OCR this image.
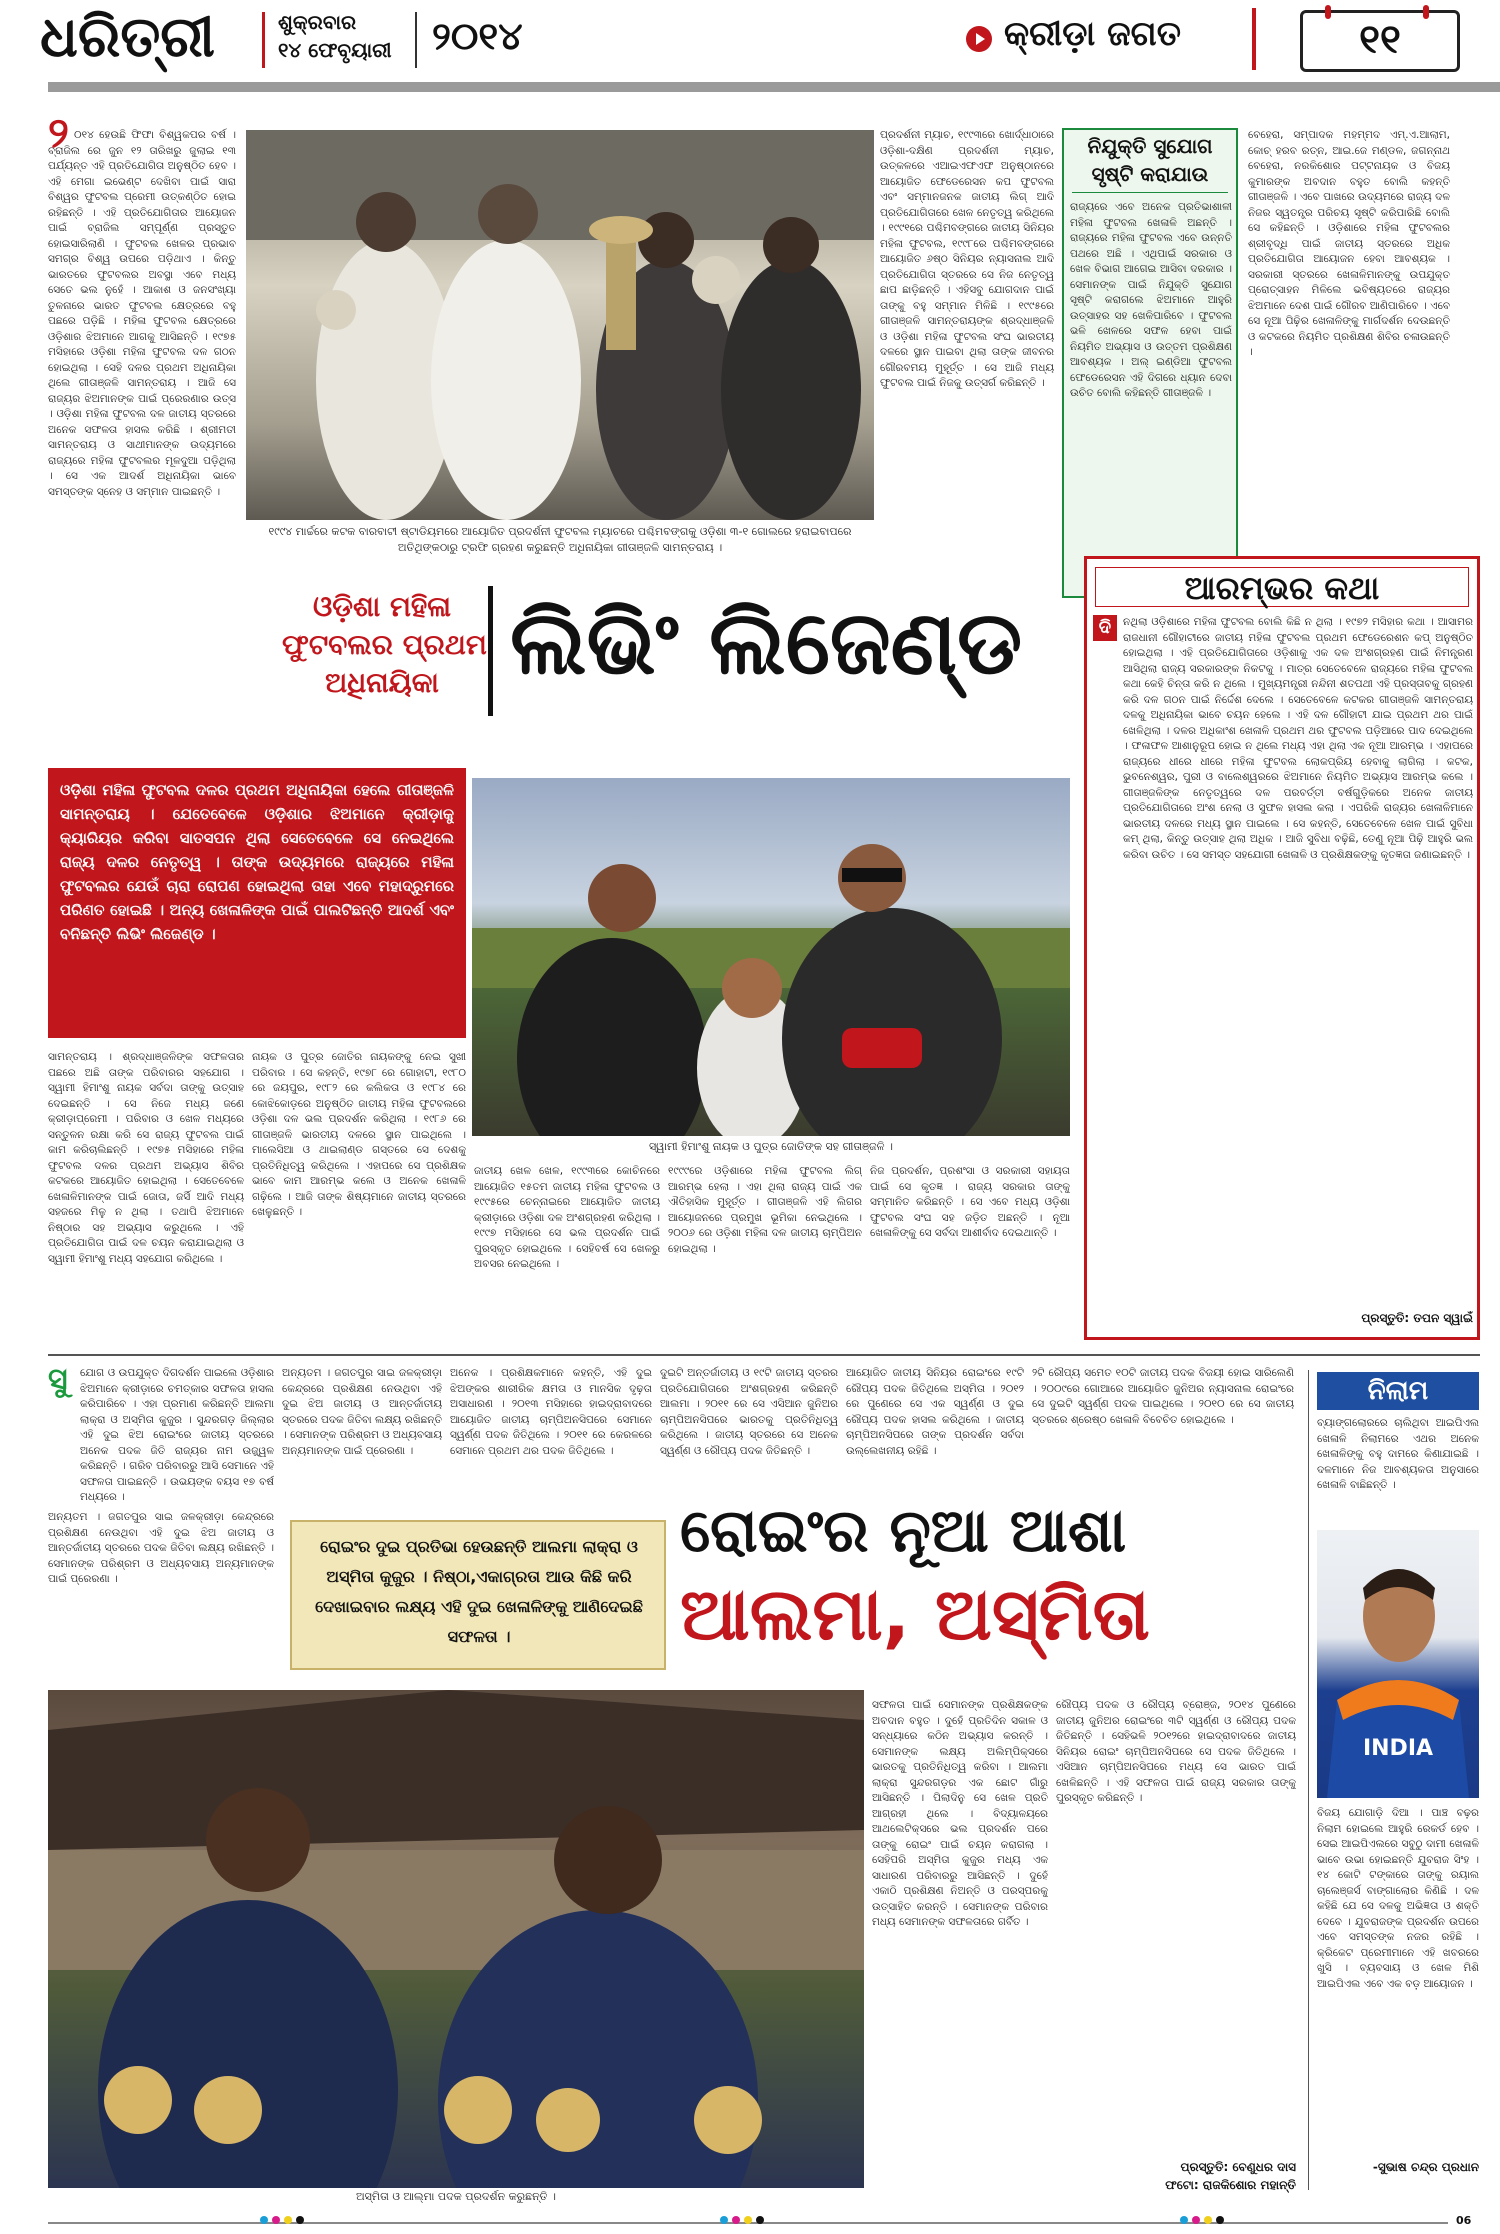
ଧରିତ୍ରୀ	ଶୁକ୍ରବାର
୧୪ ଫେବୃୟାରୀ ୨୦୧୪	କ୍ରୀଡ଼ା ଜଗତ	୧୧
୨ ୦୧୪ ହେଉଛି ଫିଫା ବିଶ୍ୱକପର ବର୍ଷ । ବ୍ରାଜିଲ ରେ ଜୁନ ୧୨ ତାରିଖରୁ ଜୁଲାଇ ୧୩ ପର୍ଯ୍ୟନ୍ତ ଏହି ପ୍ରତିଯୋଗିତା ଅନୁଷ୍ଠିତ ହେବ । ଏହି ମେଗା ଇଭେଣ୍ଟ ଦେଖିବା ପାଇଁ ସାରା ବିଶ୍ୱର ଫୁଟବଲ ପ୍ରେମୀ ଉତ୍କଣ୍ଠିତ ହୋଇ ରହିଛନ୍ତି । ଏହି ପ୍ରତିଯୋଗିତାର ଆୟୋଜନ ପାଇଁ ବ୍ରାଜିଲ ସମ୍ପୂର୍ଣ୍ଣ ପ୍ରସ୍ତୁତ ହୋଇସାରିଲାଣି । ଫୁଟବଲ ଖେଳର ପ୍ରଭାବ ସମଗ୍ର ବିଶ୍ୱ ଉପରେ ପଡ଼ିଥାଏ । କିନ୍ତୁ ଭାରତରେ ଫୁଟବଲର ଅବସ୍ଥା ଏବେ ମଧ୍ୟ ସେତେ ଭଲ ନୁହେଁ । ଆକାଶ ଓ ଜନସଂଖ୍ୟା ତୁଳନାରେ ଭାରତ ଫୁଟବଲ କ୍ଷେତ୍ରରେ ବହୁ ପଛରେ ପଡ଼ିଛି । ମହିଳା ଫୁଟବଲ କ୍ଷେତ୍ରରେ ଓଡ଼ିଶାର ଝିଅମାନେ ଆଗକୁ ଆସିଛନ୍ତି । ୧୯୭୫ ମସିହାରେ ଓଡ଼ିଶା ମହିଳା ଫୁଟବଲ ଦଳ ଗଠନ ହୋଇଥିଲା । ସେହି ଦଳର ପ୍ରଥମ ଅଧିନାୟିକା ଥିଲେ ଗୀତାଞ୍ଜଳି ସାମନ୍ତରାୟ । ଆଜି ସେ ରାଜ୍ୟର ଝିଅମାନଙ୍କ ପାଇଁ ପ୍ରେରଣାର ଉତ୍ସ । ଓଡ଼ିଶା ମହିଳା ଫୁଟବଲ ଦଳ ଜାତୀୟ ସ୍ତରରେ ଅନେକ ସଫଳତା ହାସଲ କରିଛି । ଶ୍ରୀମତୀ ସାମନ୍ତରାୟ ଓ ସାଥୀମାନଙ୍କ ଉଦ୍ୟମରେ ରାଜ୍ୟରେ ମହିଳା ଫୁଟବଲର ମୂଳଦୁଆ ପଡ଼ିଥିଲା । ସେ ଏକ ଆଦର୍ଶ ଅଧିନାୟିକା ଭାବେ ସମସ୍ତଙ୍କ ସ୍ନେହ ଓ ସମ୍ମାନ ପାଇଛନ୍ତି ।
୧୯୯୪ ମାର୍ଚ୍ଚରେ କଟକ ବାରବାଟୀ ଷ୍ଟାଡିୟମରେ ଆୟୋଜିତ ପ୍ରଦର୍ଶନୀ ଫୁଟବଲ ମ୍ୟାଚରେ ପଶ୍ଚିମବଙ୍ଗକୁ ଓଡ଼ିଶା ୩-୧ ଗୋଲରେ ହରାଇବାପରେ ଅତିଥିଙ୍କଠାରୁ ଟ୍ରଫି ଗ୍ରହଣ କରୁଛନ୍ତି ଅଧିନାୟିକା ଗୀତାଞ୍ଜଳି ସାମନ୍ତରାୟ ।
ପ୍ରଦର୍ଶନୀ ମ୍ୟାଚ, ୧୯୯୩ରେ ଖୋର୍ଦ୍ଧାଠାରେ ଓଡ଼ିଶା-ଦକ୍ଷିଣ ପ୍ରଦର୍ଶନୀ ମ୍ୟାଚ, ଉତ୍କଳରେ ଏଆଇଏଫଏଫ ଅନୁଷ୍ଠାନରେ ଆୟୋଜିତ ଫେଡେରେସନ କପ ଫୁଟବଲ ଏବଂ ସମ୍ମାନଜନକ ଜାତୀୟ ଲିଗ୍ ଆଦି ପ୍ରତିଯୋଗିତାରେ ଖେଳ ନେତୃତ୍ୱ କରିଥିଲେ । ୧୯୯୧ରେ ପଶ୍ଚିମବଙ୍ଗରେ ଜାତୀୟ ସିନିୟର ମହିଳା ଫୁଟବଲ, ୧୯୯୮ରେ ପଶ୍ଚିମବଙ୍ଗରେ ଆୟୋଜିତ ୬ଷ୍ଠ ସିନିୟର ନ୍ୟାସନାଲ ଆଦି ପ୍ରତିଯୋଗିତା ସ୍ତରରେ ସେ ନିଜ ନେତୃତ୍ୱ ଛାପ ଛାଡ଼ିଛନ୍ତି । ଏହିସବୁ ଯୋଗଦାନ ପାଇଁ ତାଙ୍କୁ ବହୁ ସମ୍ମାନ ମିଳିଛି । ୧୯୯୫ରେ ଗୀତାଞ୍ଜଳି ସାମନ୍ତରାୟଙ୍କ ଶ୍ରଦ୍ଧାଞ୍ଜଳି ଓ ଓଡ଼ିଶା ମହିଳା ଫୁଟବଲ ସଂଘ ଭାରତୀୟ ଦଳରେ ସ୍ଥାନ ପାଇବା ଥିଲା ତାଙ୍କ ଜୀବନର ଗୌରବମୟ ମୁହୂର୍ତ୍ତ । ସେ ଆଜି ମଧ୍ୟ ଫୁଟବଲ ପାଇଁ ନିଜକୁ ଉତ୍ସର୍ଗ କରିଛନ୍ତି ।
ନିଯୁକ୍ତି ସୁଯୋଗ
ସୃଷ୍ଟି କରାଯାଉ
ରାଜ୍ୟରେ ଏବେ ଅନେକ ପ୍ରତିଭାଶାଳୀ ମହିଳା ଫୁଟବଲ ଖେଳାଳି ଅଛନ୍ତି । ରାଜ୍ୟରେ ମହିଳା ଫୁଟବଲ ଏବେ ଉନ୍ନତି ପଥରେ ଅଛି । ଏଥିପାଇଁ ସରକାର ଓ ଖେଳ ବିଭାଗ ଆଗେଇ ଆସିବା ଦରକାର । ସେମାନଙ୍କ ପାଇଁ ନିଯୁକ୍ତି ସୁଯୋଗ ସୃଷ୍ଟି କରାଗଲେ ଝିଅମାନେ ଆହୁରି ଉତ୍ସାହର ସହ ଖେଳିପାରିବେ । ଫୁଟବଲ ଭଳି ଖେଳରେ ସଫଳ ହେବା ପାଇଁ ନିୟମିତ ଅଭ୍ୟାସ ଓ ଉତ୍ତମ ପ୍ରଶିକ୍ଷଣ ଆବଶ୍ୟକ । ଅଲ୍ ଇଣ୍ଡିଆ ଫୁଟବଲ ଫେଡେରେସନ ଏହି ଦିଗରେ ଧ୍ୟାନ ଦେବା ଉଚିତ ବୋଲି କହିଛନ୍ତି ଗୀତାଞ୍ଜଳି ।
ବେହେରା, ସମ୍ପାଦକ ମହମ୍ମଦ ଏମ୍.ଏ.ଆଲାମ, କୋଚ୍ ହରବ ରତ୍ନ, ଆଇ.ଜେ ମଣ୍ଡଳ, ଜଗନ୍ନାଥ ବେହେରା, ନରକିଶୋର ପଟ୍ଟନାୟକ ଓ ବିଜୟ କୁମାରଙ୍କ ଅବଦାନ ବହୁତ ବୋଲି କହନ୍ତି ଗୀତାଞ୍ଜଳି । ଏବେ ପାଖରେ ଉଦ୍ୟମରେ ରାଜ୍ୟ ଦଳ ନିଜର ସ୍ୱତନ୍ତ୍ର ପରିଚୟ ସୃଷ୍ଟି କରିପାରିଛି ବୋଲି ସେ କହିଛନ୍ତି । ଓଡ଼ିଶାରେ ମହିଳା ଫୁଟବଲର ଶ୍ରୀବୃଦ୍ଧି ପାଇଁ ଜାତୀୟ ସ୍ତରରେ ଅଧିକ ପ୍ରତିଯୋଗିତା ଆୟୋଜନ ହେବା ଆବଶ୍ୟକ । ସରକାରୀ ସ୍ତରରେ ଖେଳାଳିମାନଙ୍କୁ ଉପଯୁକ୍ତ ପ୍ରୋତ୍ସାହନ ମିଳିଲେ ଭବିଷ୍ୟତରେ ରାଜ୍ୟର ଝିଅମାନେ ଦେଶ ପାଇଁ ଗୌରବ ଆଣିପାରିବେ । ଏବେ ସେ ନୂଆ ପିଢ଼ିର ଖେଳାଳିଙ୍କୁ ମାର୍ଗଦର୍ଶନ ଦେଉଛନ୍ତି ଓ କଟକରେ ନିୟମିତ ପ୍ରଶିକ୍ଷଣ ଶିବିର ଚଳାଉଛନ୍ତି ।
ଓଡ଼ିଶା ମହିଳା
ଫୁଟବଲର ପ୍ରଥମ
ଅଧିନାୟିକା ଲିଭିଂ ଲିଜେଣ୍ଡ
ଆରମ୍ଭର କଥା
ଦି	ନଥିଲା ଓଡ଼ିଶାରେ ମହିଳା ଫୁଟବଲ ବୋଲି କିଛି ନ ଥିଲା । ୧୯୭୨ ମସିହାର କଥା । ଆସାମର ରାଜଧାନୀ ଗୌହାଟୀରେ ଜାତୀୟ ମହିଳା ଫୁଟବଲ ପ୍ରଥମ ଫେଡେରେଶନ କପ୍ ଅନୁଷ୍ଠିତ ହୋଇଥିଲା । ଏହି ପ୍ରତିଯୋଗିତାରେ ଓଡ଼ିଶାକୁ ଏକ ଦଳ ଅଂଶଗ୍ରହଣ ପାଇଁ ନିମନ୍ତ୍ରଣ ଆସିଥିଲା ରାଜ୍ୟ ସରକାରଙ୍କ ନିକଟକୁ । ମାତ୍ର ସେତେବେଳେ ରାଜ୍ୟରେ ମହିଳା ଫୁଟବଲ କଥା କେହି ଚିନ୍ତା କରି ନ ଥିଲେ । ମୁଖ୍ୟମନ୍ତ୍ରୀ ନନ୍ଦିନୀ ଶତପଥୀ ଏହି ପ୍ରସ୍ତାବକୁ ଗ୍ରହଣ କରି ଦଳ ଗଠନ ପାଇଁ ନିର୍ଦ୍ଦେଶ ଦେଲେ । ସେତେବେଳେ କଟକର ଗୀତାଞ୍ଜଳି ସାମନ୍ତରାୟ ଦଳକୁ ଅଧିନାୟିକା ଭାବେ ଚୟନ ହେଲେ । ଏହି ଦଳ ଗୌହାଟୀ ଯାଇ ପ୍ରଥମ ଥର ପାଇଁ ଖେଳିଥିଲା । ଦଳର ଅଧିକାଂଶ ଖେଳାଳି ପ୍ରଥମ ଥର ଫୁଟବଲ ପଡ଼ିଆରେ ପାଦ ଦେଇଥିଲେ । ଫଳାଫଳ ଆଶାନୁରୂପ ହୋଇ ନ ଥିଲେ ମଧ୍ୟ ଏହା ଥିଲା ଏକ ନୂଆ ଆରମ୍ଭ । ଏହାପରେ ରାଜ୍ୟରେ ଧୀରେ ଧୀରେ ମହିଳା ଫୁଟବଲ ଲୋକପ୍ରିୟ ହେବାକୁ ଲାଗିଲା । କଟକ, ଭୁବନେଶ୍ୱର, ପୁରୀ ଓ ବାଲେଶ୍ୱରରେ ଝିଅମାନେ ନିୟମିତ ଅଭ୍ୟାସ ଆରମ୍ଭ କଲେ । ଗୀତାଞ୍ଜଳିଙ୍କ ନେତୃତ୍ୱରେ ଦଳ ପରବର୍ତ୍ତୀ ବର୍ଷଗୁଡ଼ିକରେ ଅନେକ ଜାତୀୟ ପ୍ରତିଯୋଗିତାରେ ଅଂଶ ନେଲା ଓ ସୁଫଳ ହାସଲ କଲା । ଏପରିକି ରାଜ୍ୟର ଖେଳାଳିମାନେ ଭାରତୀୟ ଦଳରେ ମଧ୍ୟ ସ୍ଥାନ ପାଇଲେ । ସେ କହନ୍ତି, ସେତେବେଳେ ଖେଳ ପାଇଁ ସୁବିଧା କମ୍ ଥିଲା, କିନ୍ତୁ ଉତ୍ସାହ ଥିଲା ଅଧିକ । ଆଜି ସୁବିଧା ବଢ଼ିଛି, ତେଣୁ ନୂଆ ପିଢ଼ି ଆହୁରି ଭଲ କରିବା ଉଚିତ । ସେ ସମସ୍ତ ସହଯୋଗୀ ଖେଳାଳି ଓ ପ୍ରଶିକ୍ଷକଙ୍କୁ କୃତଜ୍ଞତା ଜଣାଇଛନ୍ତି ।
ପ୍ରସ୍ତୁତି: ତପନ ସ୍ୱାଇଁ
ଓଡ଼ିଶା ମହିଳା ଫୁଟବଲ ଦଳର ପ୍ରଥମ ଅଧିନାୟିକା ହେଲେ ଗୀତାଞ୍ଜଳି ସାମନ୍ତରାୟ । ଯେତେବେଳେ ଓଡ଼ିଶାର ଝିଅମାନେ କ୍ରୀଡ଼ାକୁ କ୍ୟାରିୟର କରିବା ସାତସପନ ଥିଲା ସେତେବେଳେ ସେ ନେଇଥିଲେ ରାଜ୍ୟ ଦଳର ନେତୃତ୍ୱ । ତାଙ୍କ ଉଦ୍ୟମରେ ରାଜ୍ୟରେ ମହିଳା ଫୁଟବଲର ଯେଉଁ ଚାରା ରୋପଣ ହୋଇଥିଲା ତାହା ଏବେ ମହାଦ୍ରୁମରେ ପରିଣତ ହୋଇଛି । ଅନ୍ୟ ଖେଳାଳିଙ୍କ ପାଇଁ ପାଲଟିଛନ୍ତି ଆଦର୍ଶ ଏବଂ ବନିଛନ୍ତି ଲିଭିଂ ଲିଜେଣ୍ଡ ।
ସ୍ୱାମୀ ହିମାଂଶୁ ନାୟକ ଓ ପୁତ୍ର ଜୋତିଙ୍କ ସହ ଗୀତାଞ୍ଜଳି ।
ସାମନ୍ତରାୟ । ଶ୍ରଦ୍ଧାଞ୍ଜଳିଙ୍କ ସଫଳତାର ପଛରେ ଅଛି ତାଙ୍କ ପରିବାରର ସହଯୋଗ । ସ୍ୱାମୀ ହିମାଂଶୁ ନାୟକ ସର୍ବଦା ତାଙ୍କୁ ଉତ୍ସାହ ଦେଇଛନ୍ତି । ସେ ନିଜେ ମଧ୍ୟ ଜଣେ କ୍ରୀଡ଼ାପ୍ରେମୀ । ପରିବାର ଓ ଖେଳ ମଧ୍ୟରେ ସନ୍ତୁଳନ ରକ୍ଷା କରି ସେ ରାଜ୍ୟ ଫୁଟବଲ ପାଇଁ କାମ କରିଚାଲିଛନ୍ତି । ୧୯୭୫ ମସିହାରେ ମହିଳା ଫୁଟବଲ ଦଳର ପ୍ରଥମ ଅଭ୍ୟାସ ଶିବିର କଟକରେ ଆୟୋଜିତ ହୋଇଥିଲା । ସେତେବେଳେ ଖେଳାଳିମାନଙ୍କ ପାଇଁ ଜୋତା, ଜର୍ସି ଆଦି ମଧ୍ୟ ସହଜରେ ମିଳୁ ନ ଥିଲା । ତଥାପି ଝିଅମାନେ ନିଷ୍ଠାର ସହ ଅଭ୍ୟାସ କରୁଥିଲେ । ଏହି ପ୍ରତିଯୋଗିତା ପାଇଁ ଦଳ ଚୟନ କରାଯାଇଥିଲା ଓ ସ୍ୱାମୀ ହିମାଂଶୁ ମଧ୍ୟ ସହଯୋଗ କରିଥିଲେ ।
ନାୟକ ଓ ପୁତ୍ର ଜୋତିର ନାୟକଙ୍କୁ ନେଇ ସୁଖୀ ପରିବାର । ସେ କହନ୍ତି, ୧୯୭୮ ରେ ଗୋହାଟୀ, ୧୯୮୦ ରେ ଜୟପୁର, ୧୯୮୨ ରେ କଲିକତା ଓ ୧୯୮୪ ରେ କୋଝିକୋଡ଼ରେ ଅନୁଷ୍ଠିତ ଜାତୀୟ ମହିଳା ଫୁଟବଲରେ ଓଡ଼ିଶା ଦଳ ଭଲ ପ୍ରଦର୍ଶନ କରିଥିଲା । ୧୯୮୬ ରେ ଗୀତାଞ୍ଜଳି ଭାରତୀୟ ଦଳରେ ସ୍ଥାନ ପାଇଥିଲେ । ମାଲେସିଆ ଓ ଥାଇଲାଣ୍ଡ ଗସ୍ତରେ ସେ ଦେଶକୁ ପ୍ରତିନିଧିତ୍ୱ କରିଥିଲେ । ଏହାପରେ ସେ ପ୍ରଶିକ୍ଷକ ଭାବେ କାମ ଆରମ୍ଭ କଲେ ଓ ଅନେକ ଖେଳାଳି ଗଢ଼ିଲେ । ଆଜି ତାଙ୍କ ଶିଷ୍ୟମାନେ ଜାତୀୟ ସ୍ତରରେ ଖେଳୁଛନ୍ତି ।
ଜାତୀୟ ଖେଳ ଖେଳ, ୧୯୯୩ରେ କୋଚିନରେ ଆୟୋଜିତ ୧୫ତମ ଜାତୀୟ ମହିଳା ଫୁଟବଲ ଓ ୧୯୯୫ରେ ଚେନ୍ନାଇରେ ଆୟୋଜିତ ଜାତୀୟ କ୍ରୀଡ଼ାରେ ଓଡ଼ିଶା ଦଳ ଅଂଶଗ୍ରହଣ କରିଥିଲା । ୧୯୯୭ ମସିହାରେ ସେ ଭଲ ପ୍ରଦର୍ଶନ ପାଇଁ ପୁରସ୍କୃତ ହୋଇଥିଲେ । ସେହିବର୍ଷ ସେ ଖେଳରୁ ଅବସର ନେଇଥିଲେ ।
୧୯୯୯ରେ ଓଡ଼ିଶାରେ ମହିଳା ଫୁଟବଲ ଲିଗ୍ ଆରମ୍ଭ ହେଲା । ଏହା ଥିଲା ରାଜ୍ୟ ପାଇଁ ଏକ ଐତିହାସିକ ମୁହୂର୍ତ୍ତ । ଗୀତାଞ୍ଜଳି ଏହି ଲିଗର ଆୟୋଜନରେ ପ୍ରମୁଖ ଭୂମିକା ନେଇଥିଲେ । ୨୦୦୬ ରେ ଓଡ଼ିଶା ମହିଳା ଦଳ ଜାତୀୟ ଚାମ୍ପିଅନ ହୋଇଥିଲା ।
ନିଜ ପ୍ରଦର୍ଶନ, ପ୍ରଶଂସା ଓ ସରକାରୀ ସହାୟତା ପାଇଁ ସେ କୃତଜ୍ଞ । ରାଜ୍ୟ ସରକାର ତାଙ୍କୁ ସମ୍ମାନିତ କରିଛନ୍ତି । ସେ ଏବେ ମଧ୍ୟ ଓଡ଼ିଶା ଫୁଟବଲ ସଂଘ ସହ ଜଡ଼ିତ ଅଛନ୍ତି । ନୂଆ ଖେଳାଳିଙ୍କୁ ସେ ସର୍ବଦା ଆଶୀର୍ବାଦ ଦେଇଥାନ୍ତି ।
ସୁ ଯୋଗ ଓ ଉପଯୁକ୍ତ ଦିଗଦର୍ଶନ ପାଇଲେ ଓଡ଼ିଶାର ଝିଅମାନେ କ୍ରୀଡ଼ାରେ ଚମତ୍କାର ସଫଳତା ହାସଲ କରିପାରିବେ । ଏହା ପ୍ରମାଣ କରିଛନ୍ତି ଆଲମା ଲାକ୍ରା ଓ ଅସ୍ମିତା କୁଜୁର । ସୁନ୍ଦରଗଡ଼ ଜିଲ୍ଲାର ଏହି ଦୁଇ ଝିଅ ରୋଇଂରେ ଜାତୀୟ ସ୍ତରରେ ଅନେକ ପଦକ ଜିତି ରାଜ୍ୟର ନାମ ଉଜ୍ଜ୍ୱଳ କରିଛନ୍ତି । ଗରିବ ପରିବାରରୁ ଆସି ସେମାନେ ଏହି ସଫଳତା ପାଇଛନ୍ତି । ଉଭୟଙ୍କ ବୟସ ୧୭ ବର୍ଷ ମଧ୍ୟରେ ।
ଅନ୍ୟତମ । ଜଗତପୁର ସାଇ ଜଳକ୍ରୀଡ଼ା କେନ୍ଦ୍ରରେ ପ୍ରଶିକ୍ଷଣ ନେଉଥିବା ଏହି ଦୁଇ ଝିଅ ଜାତୀୟ ଓ ଆନ୍ତର୍ଜାତୀୟ ସ୍ତରରେ ପଦକ ଜିତିବା ଲକ୍ଷ୍ୟ ରଖିଛନ୍ତି । ସେମାନଙ୍କ ପରିଶ୍ରମ ଓ ଅଧ୍ୟବସାୟ ଅନ୍ୟମାନଙ୍କ ପାଇଁ ପ୍ରେରଣା ।
ଅନ୍ୟତମ । ଜଗତପୁର ସାଇ ଜଳକ୍ରୀଡ଼ା କେନ୍ଦ୍ରରେ ପ୍ରଶିକ୍ଷଣ ନେଉଥିବା ଏହି ଦୁଇ ଝିଅ ଜାତୀୟ ଓ ଆନ୍ତର୍ଜାତୀୟ ସ୍ତରରେ ପଦକ ଜିତିବା ଲକ୍ଷ୍ୟ ରଖିଛନ୍ତି । ସେମାନଙ୍କ ପରିଶ୍ରମ ଓ ଅଧ୍ୟବସାୟ ଅନ୍ୟମାନଙ୍କ ପାଇଁ ପ୍ରେରଣା ।
ଅନେକ । ପ୍ରଶିକ୍ଷକମାନେ କହନ୍ତି, ଏହି ଦୁଇ ଝିଅଙ୍କର ଶାରୀରିକ କ୍ଷମତା ଓ ମାନସିକ ଦୃଢ଼ତା ଅସାଧାରଣ । ୨୦୧୩ ମସିହାରେ ହାଇଦ୍ରାବାଦରେ ଆୟୋଜିତ ଜାତୀୟ ଚାମ୍ପିଅନସିପରେ ସେମାନେ ସ୍ୱର୍ଣ୍ଣ ପଦକ ଜିତିଥିଲେ । ୨୦୧୧ ରେ କେରଳରେ ସେମାନେ ପ୍ରଥମ ଥର ପଦକ ଜିତିଥିଲେ ।
ଦୁଇଟି ଅନ୍ତର୍ଜାତୀୟ ଓ ୧୯ଟି ଜାତୀୟ ସ୍ତରର ପ୍ରତିଯୋଗିତାରେ ଅଂଶଗ୍ରହଣ କରିଛନ୍ତି ଆଲମା । ୨୦୧୧ ରେ ସେ ଏସିଆନ ଜୁନିଅର ଚାମ୍ପିଅନସିପରେ ଭାରତକୁ ପ୍ରତିନିଧିତ୍ୱ କରିଥିଲେ । ଜାତୀୟ ସ୍ତରରେ ସେ ଅନେକ ସ୍ୱର୍ଣ୍ଣ ଓ ରୌପ୍ୟ ପଦକ ଜିତିଛନ୍ତି ।
ଆୟୋଜିତ ଜାତୀୟ ସିନିୟର ରୋଇଂରେ ୧୯ଟି ରୌପ୍ୟ ପଦକ ଜିତିଥିଲେ ଅସ୍ମିତା । ୨୦୧୨ ରେ ପୁଣେରେ ସେ ଏକ ସ୍ୱର୍ଣ୍ଣ ଓ ଦୁଇ ରୌପ୍ୟ ପଦକ ହାସଲ କରିଥିଲେ । ଜାତୀୟ ଚାମ୍ପିଅନସିପରେ ତାଙ୍କ ପ୍ରଦର୍ଶନ ସର୍ବଦା ଉଲ୍ଲେଖନୀୟ ରହିଛି ।
୨ଟି ରୌପ୍ୟ ସମେତ ୧୦ଟି ଜାତୀୟ ପଦକ ବିଜୟୀ ହୋଇ ସାରିଲେଣି । ୨୦୦୯ରେ ଗୋଆରେ ଆୟୋଜିତ ଜୁନିଅର ନ୍ୟାସନାଲ ରୋଇଂରେ ସେ ଦୁଇଟି ସ୍ୱର୍ଣ୍ଣ ପଦକ ପାଇଥିଲେ । ୨୦୧୦ ରେ ସେ ଜାତୀୟ ସ୍ତରରେ ଶ୍ରେଷ୍ଠ ଖେଳାଳି ବିବେଚିତ ହୋଇଥିଲେ ।
ରୋଇଂର ଦୁଇ ପ୍ରତିଭା ହେଉଛନ୍ତି ଆଲମା ଲାକ୍ରା ଓ ଅସ୍ମିତା କୁଜୁର । ନିଷ୍ଠା,ଏକାଗ୍ରତା ଆଉ କିଛି କରି ଦେଖାଇବାର ଲକ୍ଷ୍ୟ ଏହି ଦୁଇ ଖେଳାଳିଙ୍କୁ ଆଣିଦେଇଛି ସଫଳତା ।
ରୋଇଂର ନୂଆ ଆଶା
ଆଲମା, ଅସ୍ମିତା
ଅସ୍ମିତା ଓ ଆଲ୍ମା ପଦକ ପ୍ରଦର୍ଶନ କରୁଛନ୍ତି ।
ସଫଳତା ପାଇଁ ସେମାନଙ୍କ ପ୍ରଶିକ୍ଷକଙ୍କ ଅବଦାନ ବହୁତ । ଦୁହେଁ ପ୍ରତିଦିନ ସକାଳ ଓ ସନ୍ଧ୍ୟାରେ କଠିନ ଅଭ୍ୟାସ କରନ୍ତି । ସେମାନଙ୍କ ଲକ୍ଷ୍ୟ ଅଲିମ୍ପିକ୍ସରେ ଭାରତକୁ ପ୍ରତିନିଧିତ୍ୱ କରିବା । ଆଲମା ଲାକ୍ରା ସୁନ୍ଦରଗଡ଼ର ଏକ ଛୋଟ ଗାଁରୁ ଆସିଛନ୍ତି । ପିଲାଦିନୁ ସେ ଖେଳ ପ୍ରତି ଆଗ୍ରହୀ ଥିଲେ । ବିଦ୍ୟାଳୟରେ ଆଥଲେଟିକ୍ସରେ ଭଲ ପ୍ରଦର୍ଶନ ପରେ ତାଙ୍କୁ ରୋଇଂ ପାଇଁ ଚୟନ କରାଗଲା । ସେହିପରି ଅସ୍ମିତା କୁଜୁର ମଧ୍ୟ ଏକ ସାଧାରଣ ପରିବାରରୁ ଆସିଛନ୍ତି । ଦୁହେଁ ଏକାଠି ପ୍ରଶିକ୍ଷଣ ନିଅନ୍ତି ଓ ପରସ୍ପରକୁ ଉତ୍ସାହିତ କରନ୍ତି । ସେମାନଙ୍କ ପରିବାର ମଧ୍ୟ ସେମାନଙ୍କ ସଫଳତାରେ ଗର୍ବିତ ।
ରୌପ୍ୟ ପଦକ ଓ ରୌପ୍ୟ ବ୍ରୋଞ୍ଜ, ୨୦୧୪ ପୁଣେରେ ଜାତୀୟ ଜୁନିଅର ରୋଇଂରେ ୩ଟି ସ୍ୱର୍ଣ୍ଣ ଓ ରୌପ୍ୟ ପଦକ ଜିତିଛନ୍ତି । ସେହିଭଳି ୨୦୧୨ରେ ହାଇଦ୍ରାବାଦରେ ଜାତୀୟ ସିନିୟର ରୋଇଂ ଚାମ୍ପିଅନସିପରେ ସେ ପଦକ ଜିତିଥିଲେ । ଏସିଆନ ଚାମ୍ପିଅନସିପରେ ମଧ୍ୟ ସେ ଭାରତ ପାଇଁ ଖେଳିଛନ୍ତି । ଏହି ସଫଳତା ପାଇଁ ରାଜ୍ୟ ସରକାର ତାଙ୍କୁ ପୁରସ୍କୃତ କରିଛନ୍ତି ।
ପ୍ରସ୍ତୁତି: ବେଣୁଧର ଦାସ
ଫଟୋ: ରାଜକିଶୋର ମହାନ୍ତି
ନିଲାମ
ବ୍ୟାଙ୍ଗଲୋରରେ ଚାଲିଥିବା ଆଇପିଏଲ ଖେଳାଳି ନିଲାମରେ ଏଥର ଅନେକ ଖେଳାଳିଙ୍କୁ ବହୁ ଦାମରେ କିଣାଯାଇଛି । ଦଳମାନେ ନିଜ ଆବଶ୍ୟକତା ଅନୁସାରେ ଖେଳାଳି ବାଛିଛନ୍ତି ।
INDIA
ବିଜୟ ଯୋଗାଡ଼ି ଦିଆ । ପାଞ୍ଚ ବଢ଼ର ନିଲାମ ହୋଇଲେ ଆହୁରି ରେକର୍ଡ ହେବ । ସେଇ ଆଇପିଏଲରେ ସବୁଠୁ ଦାମୀ ଖେଳାଳି ଭାବେ ଉଭା ହୋଇଛନ୍ତି ଯୁବରାଜ ସିଂହ । ୧୪ କୋଟି ଟଙ୍କାରେ ତାଙ୍କୁ ରୟାଲ ଚାଲେଞ୍ଜର୍ସ ବାଙ୍ଗାଲୋର କିଣିଛି । ଦଳ କହିଛି ଯେ ସେ ଦଳକୁ ଅଭିଜ୍ଞତା ଓ ଶକ୍ତି ଦେବେ । ଯୁବରାଜଙ୍କ ପ୍ରଦର୍ଶନ ଉପରେ ଏବେ ସମସ୍ତଙ୍କ ନଜର ରହିଛି । କ୍ରିକେଟ ପ୍ରେମୀମାନେ ଏହି ଖବରରେ ଖୁସି । ବ୍ୟବସାୟ ଓ ଖେଳ ମିଶି ଆଇପିଏଲ ଏବେ ଏକ ବଡ଼ ଆୟୋଜନ ।
-ସୁଭାଷ ଚନ୍ଦ୍ର ପ୍ରଧାନ
06
